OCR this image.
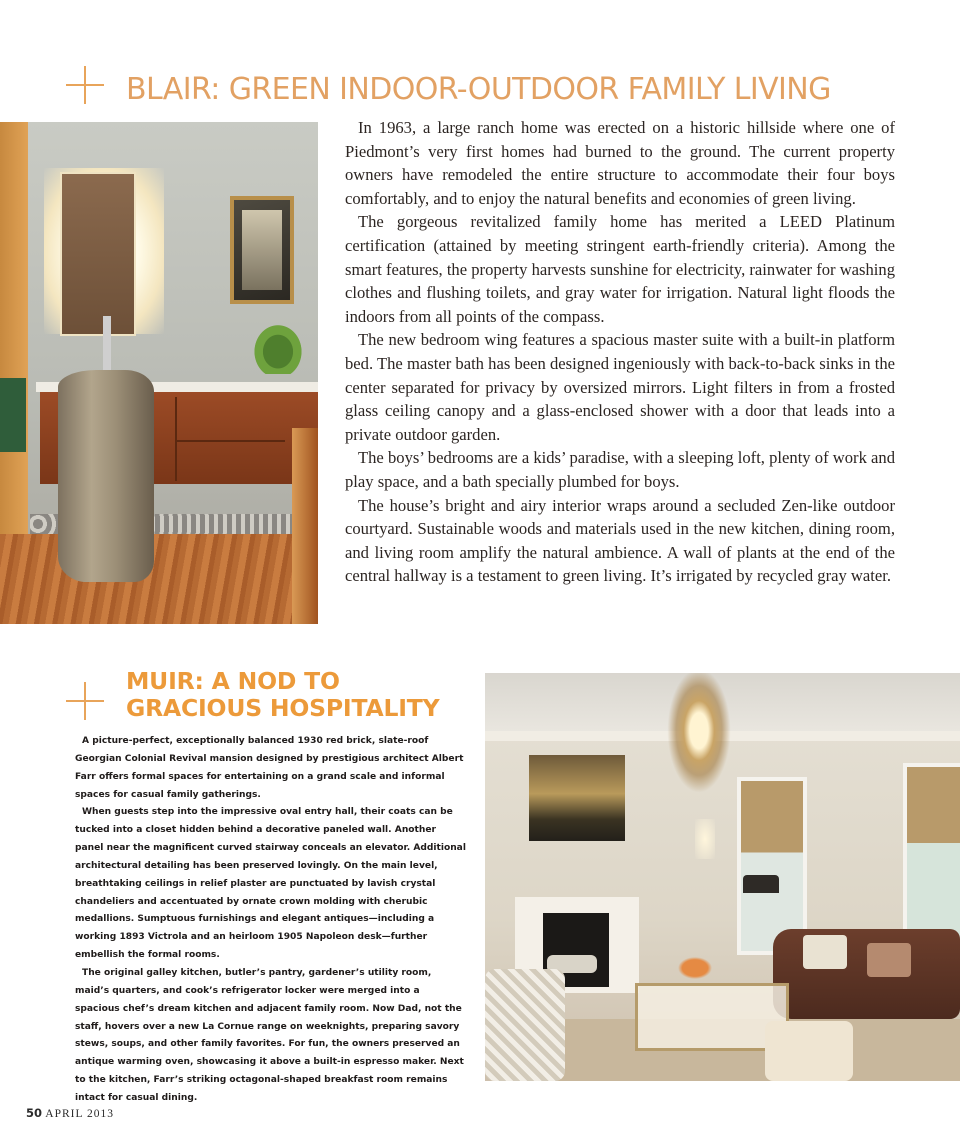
BLAIR: GREEN INDOOR-OUTDOOR FAMILY LIVING

In 1963, a large ranch home was erected on a historic hillside where one of Piedmont’s very first homes had burned to the ground. The current property owners have remodeled the entire structure to accommodate their four boys comfortably, and to enjoy the natural benefits and economies of green living.

The gorgeous revitalized family home has merited a LEED Platinum certification (attained by meeting stringent earth-friendly criteria). Among the smart features, the property harvests sunshine for electricity, rainwater for washing clothes and flushing toilets, and gray water for irrigation. Natural light floods the indoors from all points of the compass.

The new bedroom wing features a spacious master suite with a built-in platform bed. The master bath has been designed ingeniously with back-to-back sinks in the center separated for privacy by oversized mirrors. Light filters in from a frosted glass ceiling canopy and a glass-enclosed shower with a door that leads into a private outdoor garden.

The boys’ bedrooms are a kids’ paradise, with a sleeping loft, plenty of work and play space, and a bath specially plumbed for boys.

The house’s bright and airy interior wraps around a secluded Zen-like outdoor courtyard. Sustainable woods and materials used in the new kitchen, dining room, and living room amplify the natural ambience. A wall of plants at the end of the central hallway is a testament to green living. It’s irrigated by recycled gray water.

MUIR: A NOD TO GRACIOUS HOSPITALITY

A picture-perfect, exceptionally balanced 1930 red brick, slate-roof Georgian Colonial Revival mansion designed by prestigious architect Albert Farr offers formal spaces for entertaining on a grand scale and informal spaces for casual family gatherings.

When guests step into the impressive oval entry hall, their coats can be tucked into a closet hidden behind a decorative paneled wall. Another panel near the magnificent curved stairway conceals an elevator. Additional architectural detailing has been preserved lovingly. On the main level, breathtaking ceilings in relief plaster are punctuated by lavish crystal chandeliers and accentuated by ornate crown molding with cherubic medallions. Sumptuous furnishings and elegant antiques—including a working 1893 Victrola and an heirloom 1905 Napoleon desk—further embellish the formal rooms.

The original galley kitchen, butler’s pantry, gardener’s utility room, maid’s quarters, and cook’s refrigerator locker were merged into a spacious chef’s dream kitchen and adjacent family room. Now Dad, not the staff, hovers over a new La Cornue range on weeknights, preparing savory stews, soups, and other family favorites. For fun, the owners preserved an antique warming oven, showcasing it above a built-in espresso maker. Next to the kitchen, Farr’s striking octagonal-shaped breakfast room remains intact for casual dining.

50 APRIL 2013
